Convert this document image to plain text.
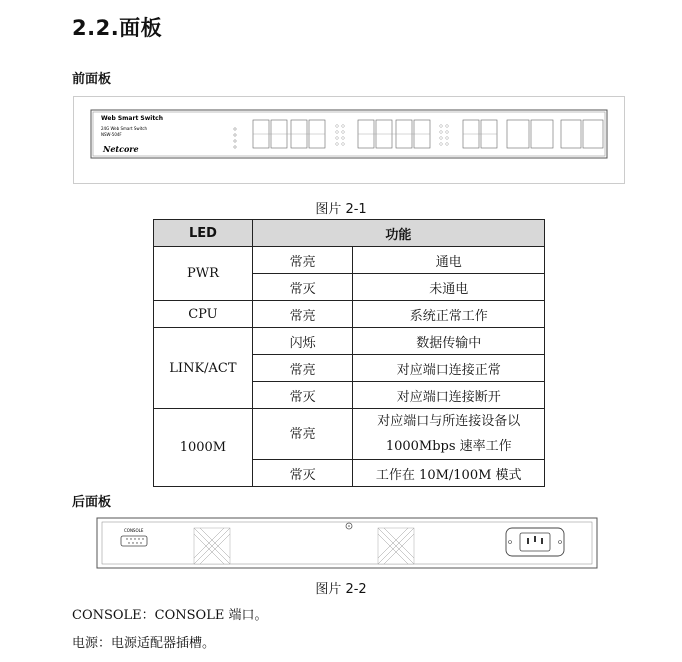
2.2.面板
前面板
Web Smart Switch
24G Web Smart Switch
NSW-504F
Netcore
图片 2-1
LED	功能	
PWR	常亮	通电
	常灭	未通电
CPU	常亮	系统正常工作
LINK/ACT	闪烁	数据传输中
	常亮	对应端口连接正常
	常灭	对应端口连接断开
1000M	常亮	对应端口与所连接设备以
1000Mbps 速率工作
	常灭	工作在 10M/100M 模式
后面板
CONSOLE
图片 2-2
CONSOLE：CONSOLE 端口。
电源：电源适配器插槽。
